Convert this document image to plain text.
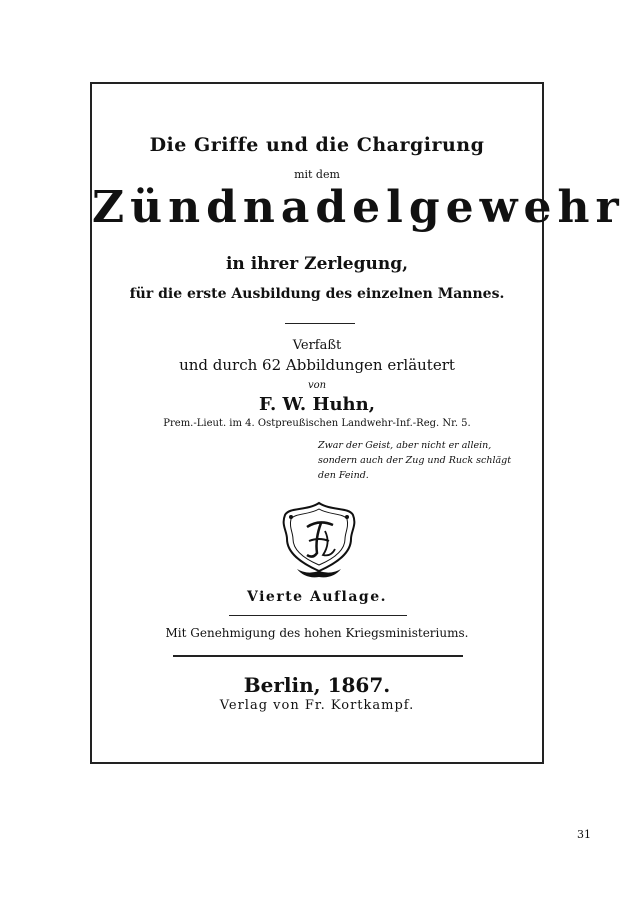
Die Griffe und die Chargirung
mit dem
Zündnadelgewehr
in ihrer Zerlegung,
für die erste Ausbildung des einzelnen Mannes.
Verfaßt
und durch 62 Abbildungen erläutert
von
F. W. Huhn,
Prem.-Lieut. im 4. Ostpreußischen Landwehr-Inf.-Reg. Nr. 5.
Zwar der Geist, aber nicht er allein,
sondern auch der Zug und Ruck schlägt
den Feind.
Vierte Auflage.
Mit Genehmigung des hohen Kriegsministeriums.
Berlin, 1867.
Verlag von Fr. Kortkampf.
31
